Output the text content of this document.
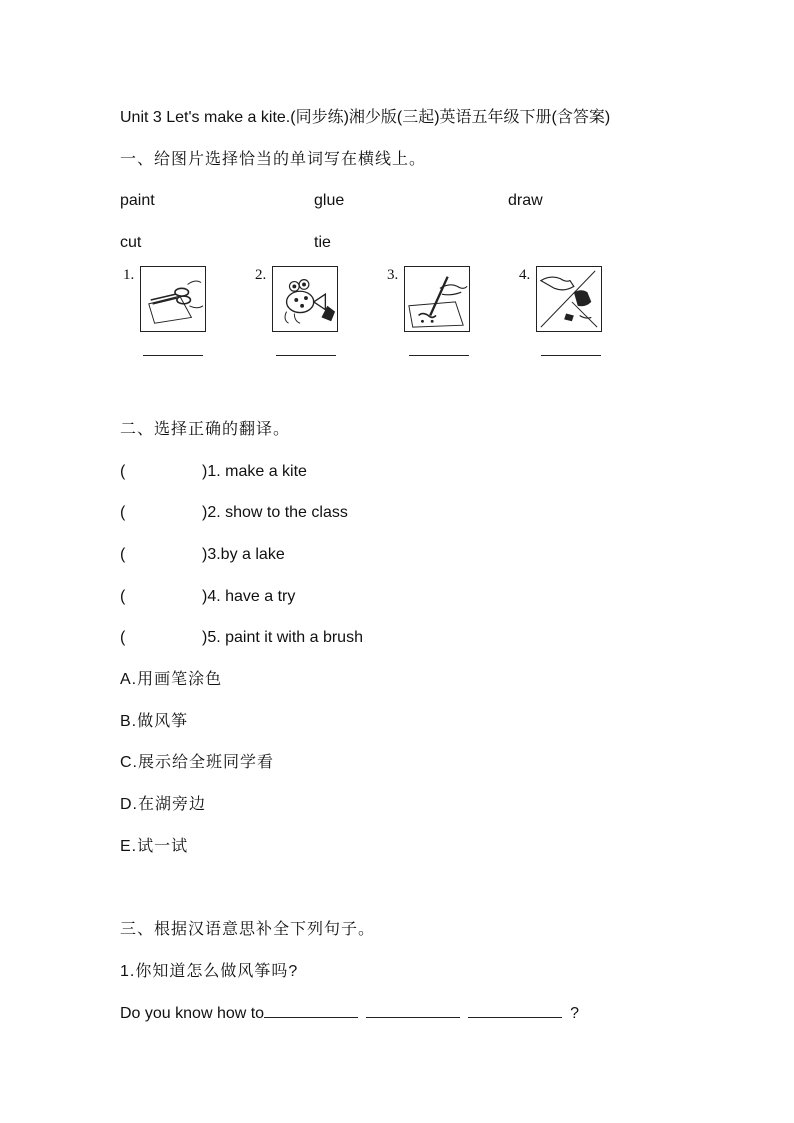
Unit 3 Let's make a kite.(同步练)湘少版(三起)英语五年级下册(含答案)
一、给图片选择恰当的单词写在横线上。
paint	glue	draw
cut	tie
1.	2.	3.	4.
二、选择正确的翻译。
(	)1. make a kite
(	)2. show to the class
(	)3.by a lake
(	)4. have a try
(	)5. paint it with a brush
A.用画笔涂色
B.做风筝
C.展示给全班同学看
D.在湖旁边
E.试一试
三、根据汉语意思补全下列句子。
1.你知道怎么做风筝吗?
Do you know how to	?
